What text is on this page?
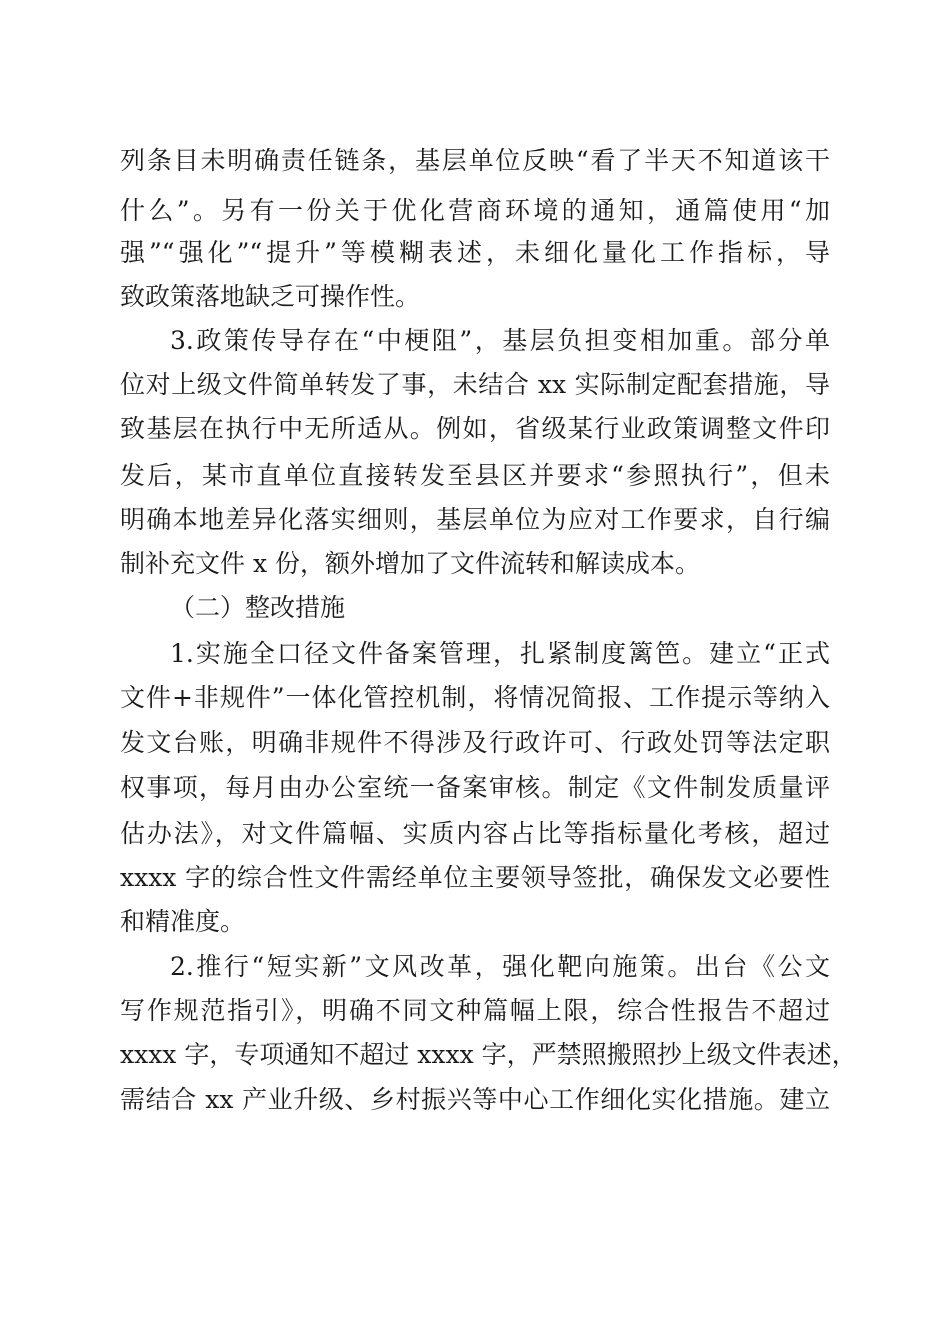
列条目未明确责任链条，基层单位反映“看了半天不知道该干
什么”。另有一份关于优化营商环境的通知，通篇使用“加
强”“强化”“提升”等模糊表述，未细化量化工作指标，导
致政策落地缺乏可操作性。
3.政策传导存在“中梗阻”，基层负担变相加重。部分单
位对上级文件简单转发了事，未结合 xx 实际制定配套措施，导
致基层在执行中无所适从。例如，省级某行业政策调整文件印
发后，某市直单位直接转发至县区并要求“参照执行”，但未
明确本地差异化落实细则，基层单位为应对工作要求，自行编
制补充文件 x 份，额外增加了文件流转和解读成本。
（二）整改措施
1.实施全口径文件备案管理，扎紧制度篱笆。建立“正式
文件+非规件”一体化管控机制，将情况简报、工作提示等纳入
发文台账，明确非规件不得涉及行政许可、行政处罚等法定职
权事项，每月由办公室统一备案审核。制定《文件制发质量评
估办法》，对文件篇幅、实质内容占比等指标量化考核，超过
xxxx 字的综合性文件需经单位主要领导签批，确保发文必要性
和精准度。
2.推行“短实新”文风改革，强化靶向施策。出台《公文
写作规范指引》，明确不同文种篇幅上限，综合性报告不超过
xxxx 字，专项通知不超过 xxxx 字，严禁照搬照抄上级文件表述，
需结合 xx 产业升级、乡村振兴等中心工作细化实化措施。建立
